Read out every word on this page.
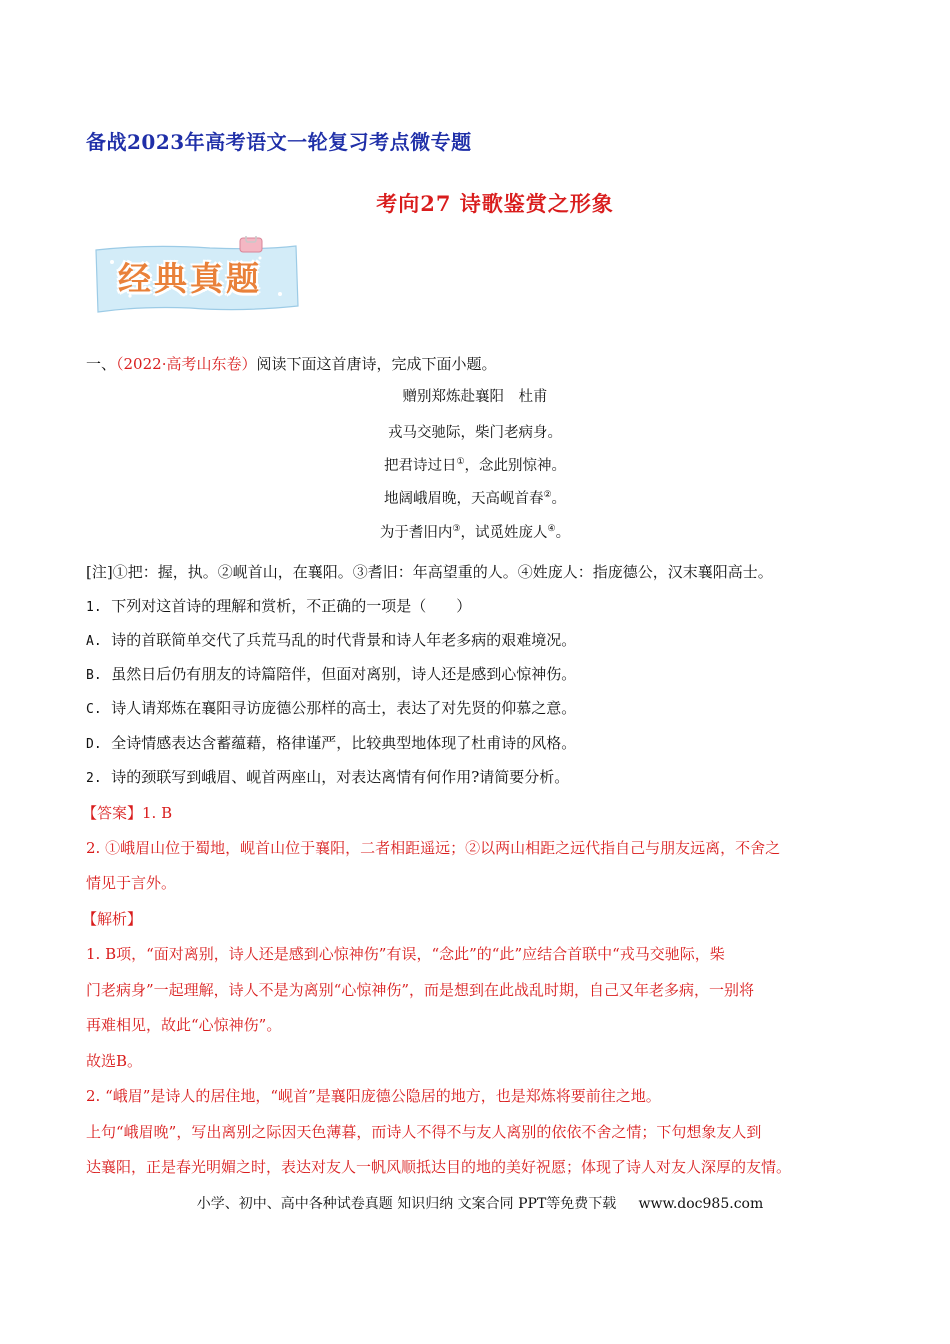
备战2023年高考语文一轮复习考点微专题
考向27 诗歌鉴赏之形象
经典真题
一、（2022·高考山东卷）阅读下面这首唐诗，完成下面小题。
赠别郑炼赴襄阳　 杜甫
戎马交驰际，柴门老病身。
把君诗过日①，念此别惊神。
地阔峨眉晚，天高岘首春②。
为于耆旧内③，试觅姓庞人④。
[注]①把：握，执。②岘首山，在襄阳。③耆旧：年高望重的人。④姓庞人：指庞德公，汉末襄阳高士。
1. 下列对这首诗的理解和赏析，不正确的一项是（　　）
A. 诗的首联简单交代了兵荒马乱的时代背景和诗人年老多病的艰难境况。
B. 虽然日后仍有朋友的诗篇陪伴，但面对离别，诗人还是感到心惊神伤。
C. 诗人请郑炼在襄阳寻访庞德公那样的高士，表达了对先贤的仰慕之意。
D. 全诗情感表达含蓄蕴藉，格律谨严，比较典型地体现了杜甫诗的风格。
2. 诗的颈联写到峨眉、岘首两座山，对表达离情有何作用?请简要分析。
【答案】1. B
2. ①峨眉山位于蜀地，岘首山位于襄阳，二者相距遥远；②以两山相距之远代指自己与朋友远离，不舍之
情见于言外。
【解析】
1. B项，“面对离别，诗人还是感到心惊神伤”有误，“念此”的“此”应结合首联中“戎马交驰际，柴
门老病身”一起理解，诗人不是为离别“心惊神伤”，而是想到在此战乱时期，自己又年老多病，一别将
再难相见，故此“心惊神伤”。
故选B。
2. “峨眉”是诗人的居住地，“岘首”是襄阳庞德公隐居的地方，也是郑炼将要前往之地。
上句“峨眉晚”，写出离别之际因天色薄暮，而诗人不得不与友人离别的依依不舍之情；下句想象友人到
达襄阳，正是春光明媚之时，表达对友人一帆风顺抵达目的地的美好祝愿；体现了诗人对友人深厚的友情。
小学、初中、高中各种试卷真题 知识归纳 文案合同 PPT等免费下载 www.doc985.com
